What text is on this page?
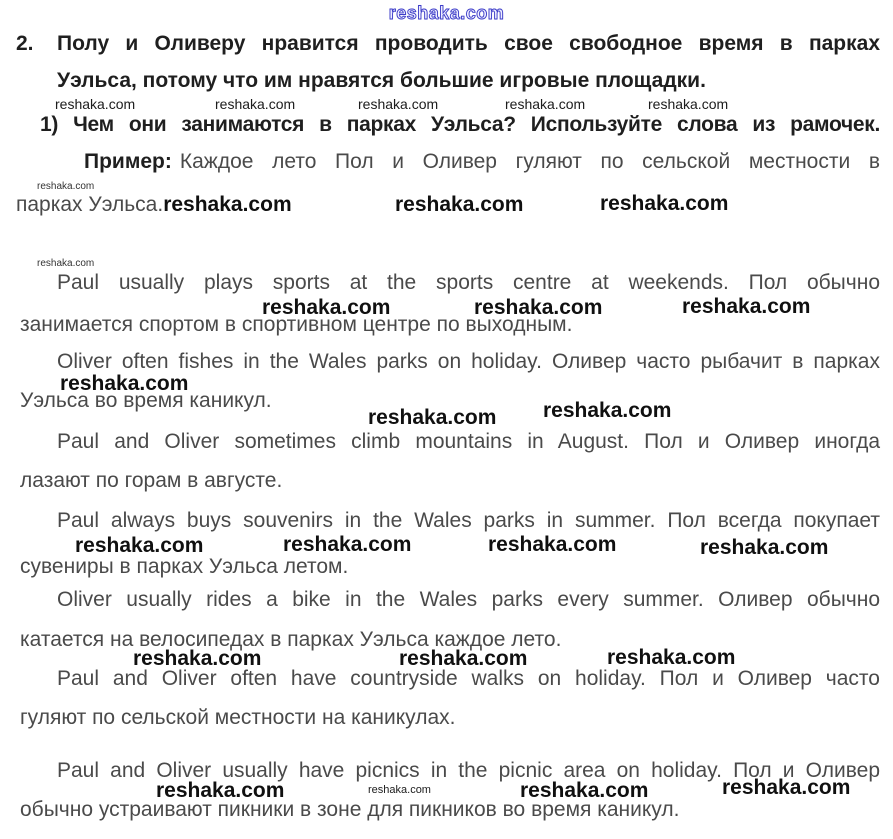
reshaka.com
2. Полу и Оливеру нравится проводить свое свободное время в парках
Уэльса, потому что им нравятся большие игровые площадки.
reshaka.com	reshaka.com	reshaka.com	reshaka.com	reshaka.com
1) Чем они занимаются в парках Уэльса? Используйте слова из рамочек.
Пример: Каждое лето Пол и Оливер гуляют по сельской местности в
reshaka.com
парках Уэльса.reshaka.com	reshaka.com	reshaka.com
reshaka.com
Paul usually plays sports at the sports centre at weekends. Пол обычно
reshaka.com	reshaka.com	reshaka.com
занимается спортом в спортивном центре по выходным.
Oliver often fishes in the Wales parks on holiday. Оливер часто рыбачит в парках
reshaka.com
Уэльса во время каникул.	reshaka.com
reshaka.com
Paul and Oliver sometimes climb mountains in August. Пол и Оливер иногда
лазают по горам в августе.
Paul always buys souvenirs in the Wales parks in summer. Пол всегда покупает
reshaka.com	reshaka.com	reshaka.com	reshaka.com
сувениры в парках Уэльса летом.
Oliver usually rides a bike in the Wales parks every summer. Оливер обычно
катается на велосипедах в парках Уэльса каждое лето.
reshaka.com	reshaka.com	reshaka.com
Paul and Oliver often have countryside walks on holiday. Пол и Оливер часто
гуляют по сельской местности на каникулах.
Paul and Oliver usually have picnics in the picnic area on holiday. Пол и Оливер
reshaka.com	reshaka.com	reshaka.com	reshaka.com
обычно устраивают пикники в зоне для пикников во время каникул.
